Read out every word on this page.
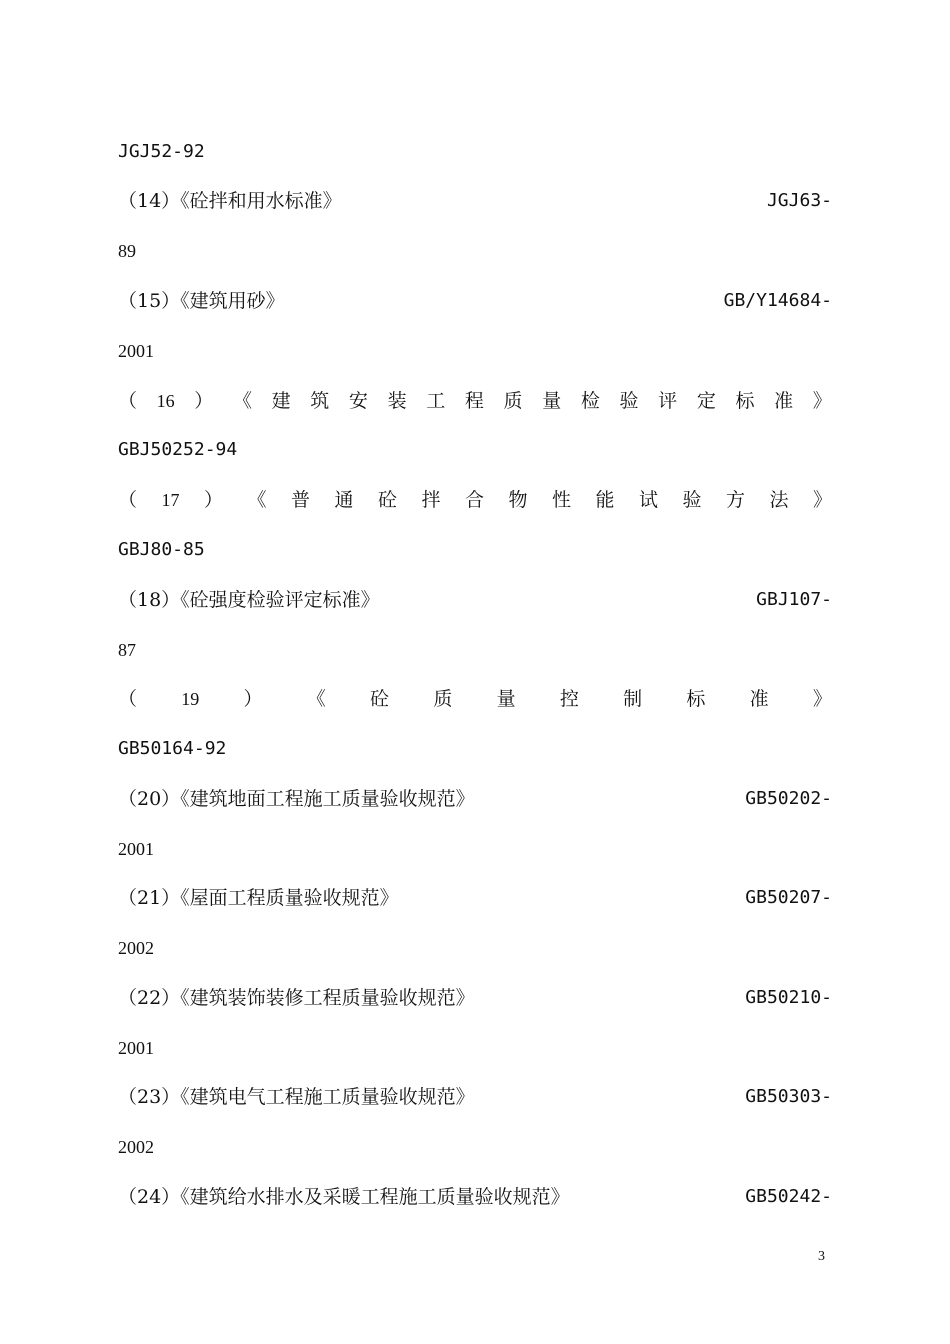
JGJ52-92
（14）《砼拌和用水标准》	JGJ63-
89
（15）《建筑用砂》	GB/Y14684-
2001
（ 16 ） 《 建 筑 安 装 工 程 质 量 检 验 评 定 标 准 》
GBJ50252-94
（ 17 ） 《 普 通 砼 拌 合 物 性 能 试 验 方 法 》
GBJ80-85
（18）《砼强度检验评定标准》	GBJ107-
87
（ 19 ） 《 砼 质 量 控 制 标 准 》
GB50164-92
（20）《建筑地面工程施工质量验收规范》	GB50202-
2001
（21）《屋面工程质量验收规范》	GB50207-
2002
（22）《建筑装饰装修工程质量验收规范》	GB50210-
2001
（23）《建筑电气工程施工质量验收规范》	GB50303-
2002
（24）《建筑给水排水及采暖工程施工质量验收规范》	GB50242-
3
